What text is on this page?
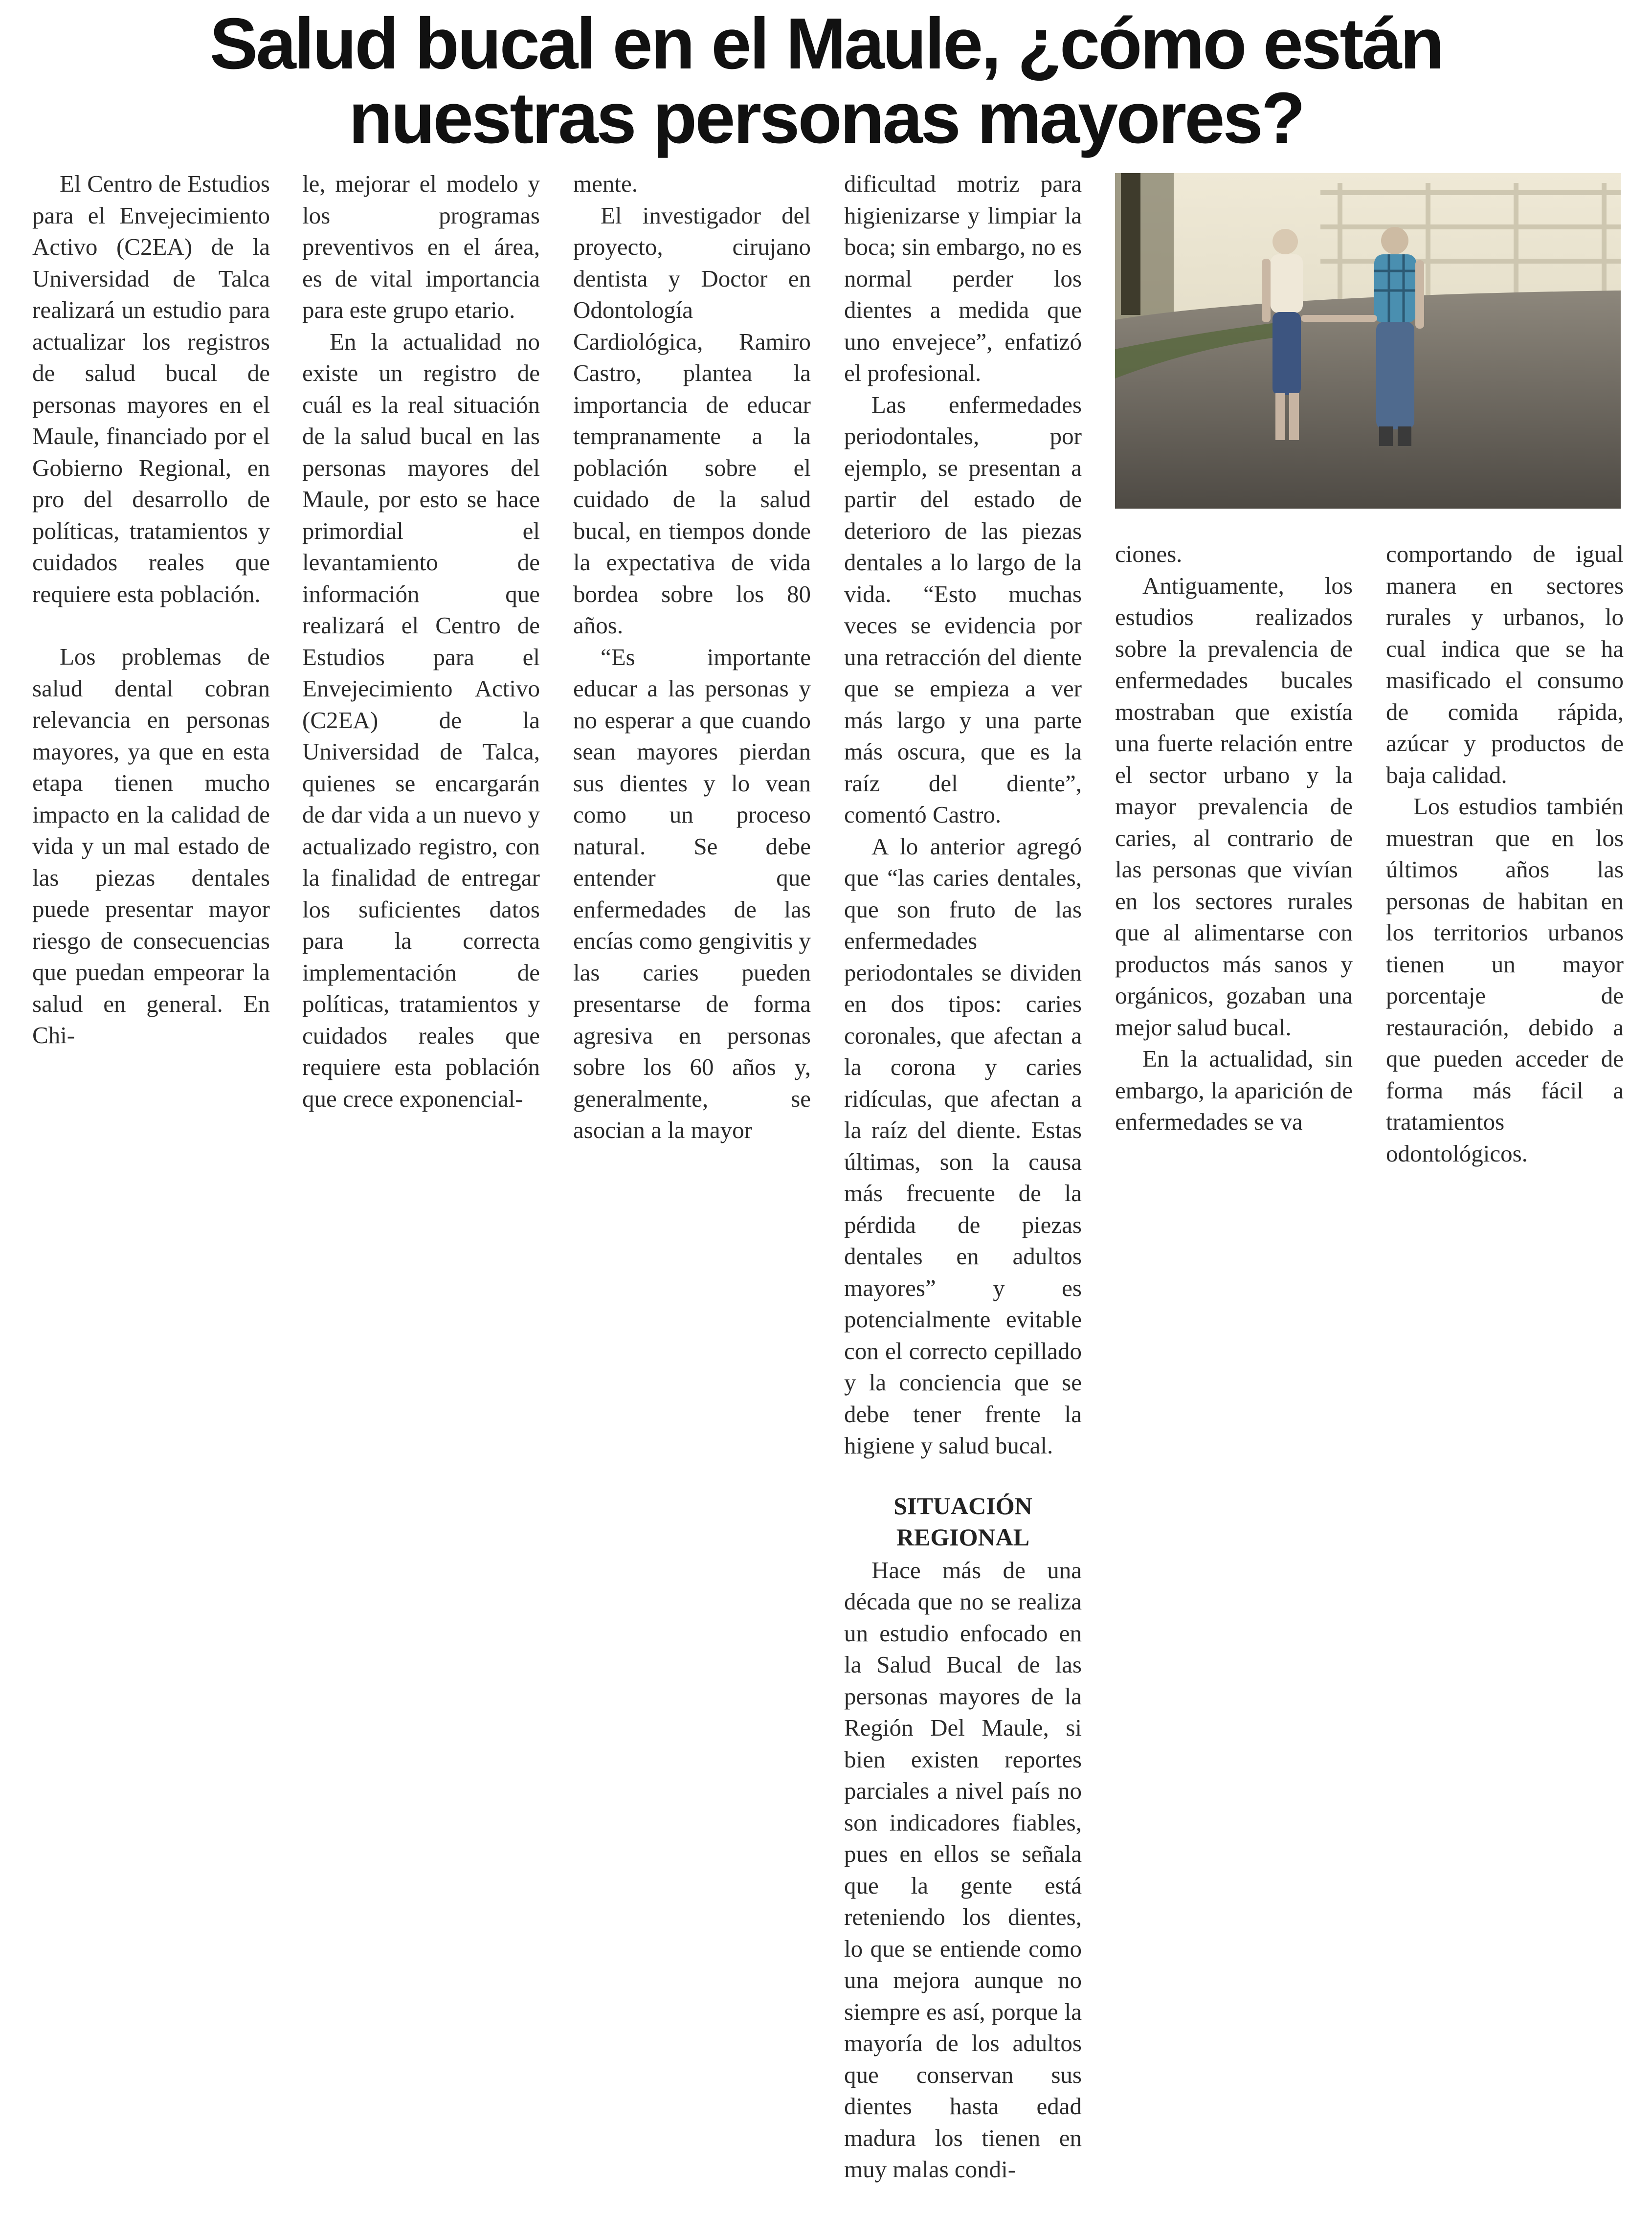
Salud bucal en el Maule, ¿cómo están
nuestras personas mayores?

El Centro de Estudios para el Envejecimiento Activo (C2EA) de la Universidad de Talca realizará un estudio para actualizar los registros de salud bucal de personas mayores en el Maule, financiado por el Gobierno Regional, en pro del desarrollo de políticas, tratamientos y cuidados reales que requiere esta población.

Los problemas de salud dental cobran relevancia en personas mayores, ya que en esta etapa tienen mucho impacto en la calidad de vida y un mal estado de las piezas dentales puede presentar mayor riesgo de consecuencias que puedan empeorar la salud en general. En Chi-

le, mejorar el modelo y los programas preventivos en el área, es de vital importancia para este grupo etario.

En la actualidad no existe un registro de cuál es la real situación de la salud bucal en las personas mayores del Maule, por esto se hace primordial el levantamiento de información que realizará el Centro de Estudios para el Envejecimiento Activo (C2EA) de la Universidad de Talca, quienes se encargarán de dar vida a un nuevo y actualizado registro, con la finalidad de entregar los suficientes datos para la correcta implementación de políticas, tratamientos y cuidados reales que requiere esta población que crece exponencial-

mente.

El investigador del proyecto, cirujano dentista y Doctor en Odontología Cardiológica, Ramiro Castro, plantea la importancia de educar tempranamente a la población sobre el cuidado de la salud bucal, en tiempos donde la expectativa de vida bordea sobre los 80 años.

“Es importante educar a las personas y no esperar a que cuando sean mayores pierdan sus dientes y lo vean como un proceso natural. Se debe entender que enfermedades de las encías como gengivitis y las caries pueden presentarse de forma agresiva en personas sobre los 60 años y, generalmente, se asocian a la mayor

dificultad motriz para higienizarse y limpiar la boca; sin embargo, no es normal perder los dientes a medida que uno envejece”, enfatizó el profesional.

Las enfermedades periodontales, por ejemplo, se presentan a partir del estado de deterioro de las piezas dentales a lo largo de la vida. “Esto muchas veces se evidencia por una retracción del diente que se empieza a ver más largo y una parte más oscura, que es la raíz del diente”, comentó Castro.

A lo anterior agregó que “las caries dentales, que son fruto de las enfermedades periodontales se dividen en dos tipos: caries coronales, que afectan a la corona y caries ridículas, que afectan a la raíz del diente. Estas últimas, son la causa más frecuente de la pérdida de piezas dentales en adultos mayores” y es potencialmente evitable con el correcto cepillado y la conciencia que se debe tener frente la higiene y salud bucal.

SITUACIÓN
REGIONAL

Hace más de una década que no se realiza un estudio enfocado en la Salud Bucal de las personas mayores de la Región Del Maule, si bien existen reportes parciales a nivel país no son indicadores fiables, pues en ellos se señala que la gente está reteniendo los dientes, lo que se entiende como una mejora aunque no siempre es así, porque la mayoría de los adultos que conservan sus dientes hasta edad madura los tienen en muy malas condi-

ciones.

Antiguamente, los estudios realizados sobre la prevalencia de enfermedades bucales mostraban que existía una fuerte relación entre el sector urbano y la mayor prevalencia de caries, al contrario de las personas que vivían en los sectores rurales que al alimentarse con productos más sanos y orgánicos, gozaban una mejor salud bucal.

En la actualidad, sin embargo, la aparición de enfermedades se va

comportando de igual manera en sectores rurales y urbanos, lo cual indica que se ha masificado el consumo de comida rápida, azúcar y productos de baja calidad.

Los estudios también muestran que en los últimos años las personas de habitan en los territorios urbanos tienen un mayor porcentaje de restauración, debido a que pueden acceder de forma más fácil a tratamientos odontológicos.
